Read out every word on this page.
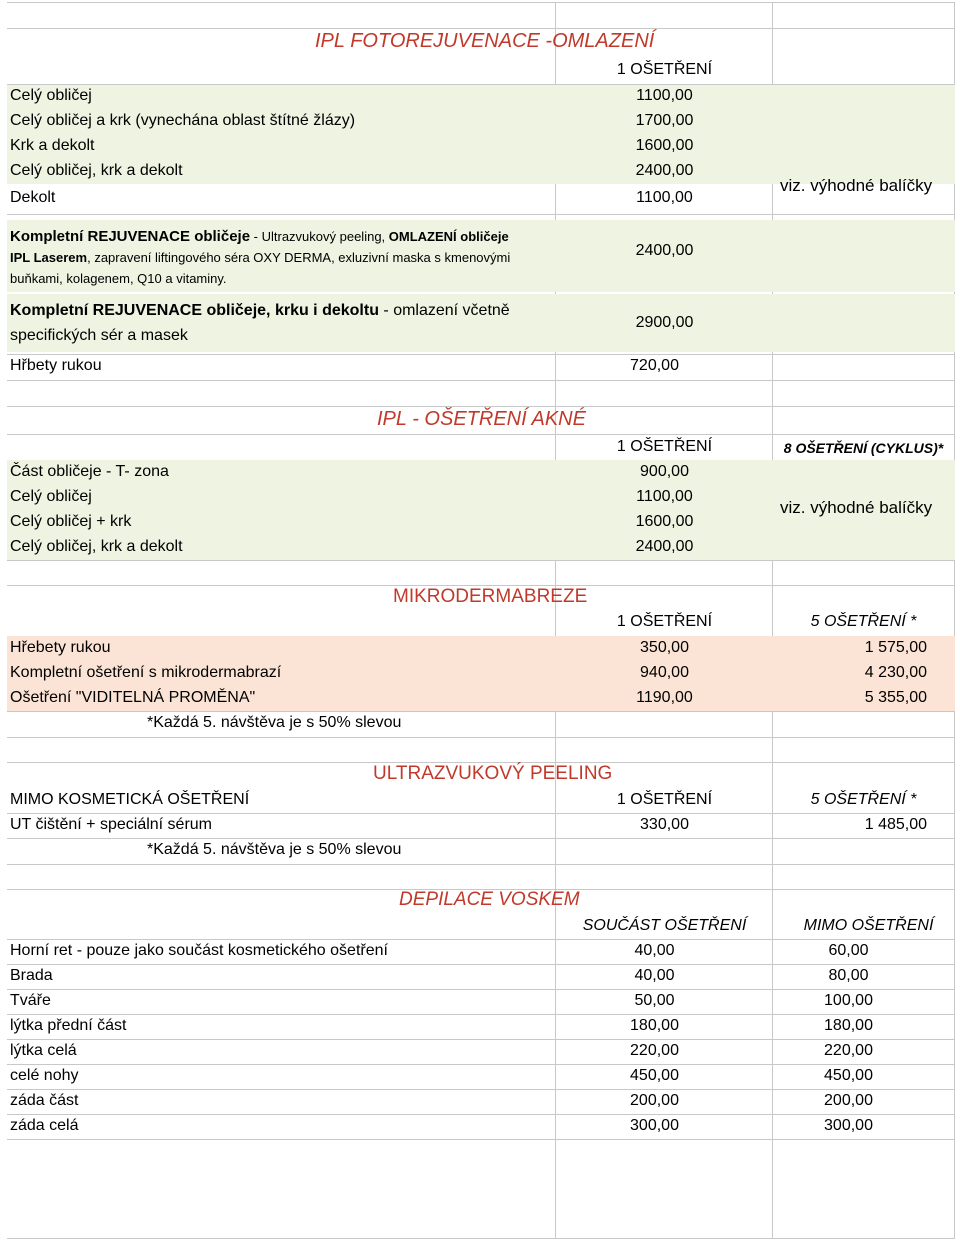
IPL FOTOREJUVENACE -OMLAZENÍ
1 OŠETŘENÍ
Celý obličej	1100,00
Celý obličej a krk (vynechána oblast štítné žlázy)	1700,00
Krk a dekolt	1600,00
Celý obličej, krk a dekolt	2400,00
Dekolt	1100,00
viz. výhodné balíčky
Kompletní REJUVENACE obličeje - Ultrazvukový peeling, OMLAZENÍ obličeje
IPL Laserem, zapravení liftingového séra OXY DERMA, exluzivní maska s kmenovými buňkami, kolagenem, Q10 a vitaminy.
2400,00
Kompletní REJUVENACE obličeje, krku i dekoltu - omlazení včetně specifických sér a masek
2900,00
Hřbety rukou	720,00
IPL - OŠETŘENÍ AKNÉ
1 OŠETŘENÍ	8 OŠETŘENÍ (CYKLUS)*
Část obličeje - T- zona	900,00
Celý obličej	1100,00
Celý obličej + krk	1600,00
Celý obličej, krk a dekolt	2400,00
viz. výhodné balíčky
MIKRODERMABREZE
1 OŠETŘENÍ	5 OŠETŘENÍ *
Hřebety rukou	350,00	1 575,00
Kompletní ošetření s mikrodermabrazí	940,00	4 230,00
Ošetření "VIDITELNÁ PROMĚNA"	1190,00	5 355,00
*Každá 5. návštěva je s 50% slevou
ULTRAZVUKOVÝ PEELING
MIMO KOSMETICKÁ OŠETŘENÍ	1 OŠETŘENÍ	5 OŠETŘENÍ *
UT čištění + speciální sérum	330,00	1 485,00
*Každá 5. návštěva je s 50% slevou
DEPILACE VOSKEM
SOUČÁST OŠETŘENÍ	MIMO OŠETŘENÍ
Horní ret - pouze jako součást kosmetického ošetření	40,00	60,00
Brada	40,00	80,00
Tváře	50,00	100,00
lýtka přední část	180,00	180,00
lýtka celá	220,00	220,00
celé nohy	450,00	450,00
záda část	200,00	200,00
záda celá	300,00	300,00
